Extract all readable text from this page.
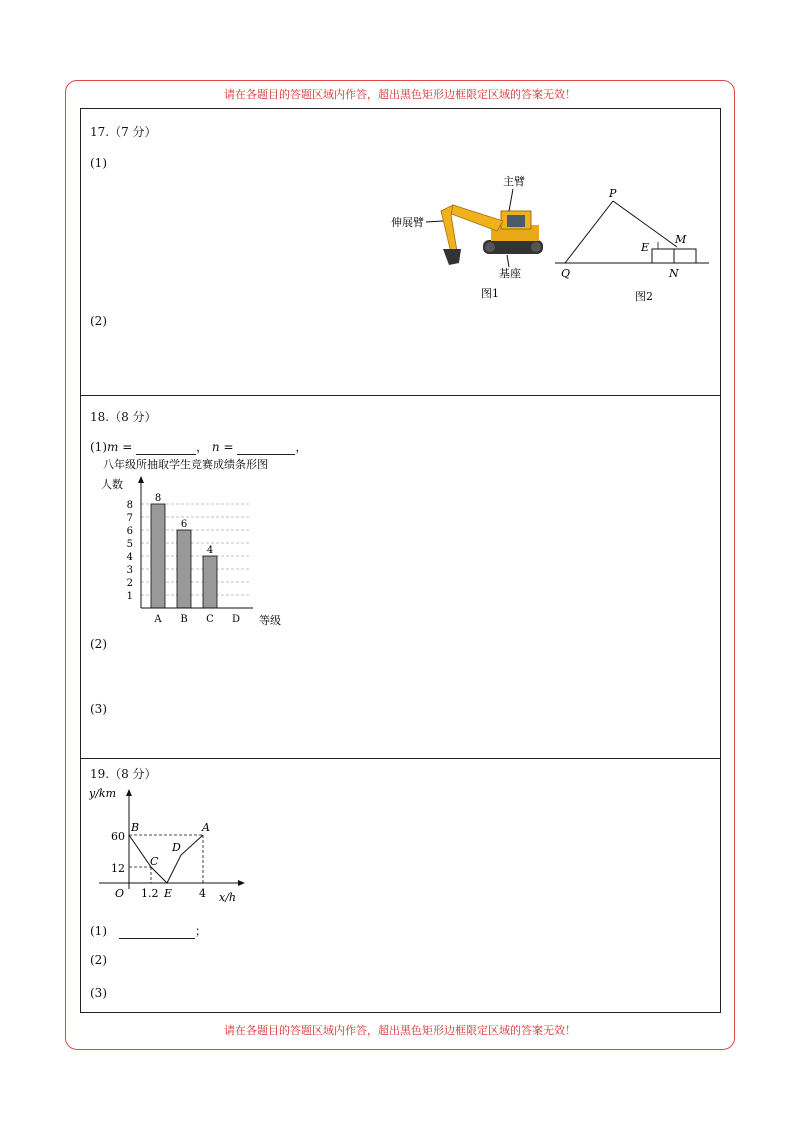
请在各题目的答题区域内作答，超出黑色矩形边框限定区域的答案无效！
17.（7 分）
(1)
(2)
主臂
伸展臂
基座
图1
P
Q
E
M
N
图2
18.（8 分）
(1)m =	， n =	，
(2)
(3)
八年级所抽取学生竞赛成绩条形图
人数
等级
1
2
3
4
5
6
7
8
8
A
6
B
4
C D
19.（8 分）
y/km
x/h
O
60
12
1.2	4
B	A
C
D
E
(1)	；
(2)
(3)
请在各题目的答题区域内作答，超出黑色矩形边框限定区域的答案无效！
